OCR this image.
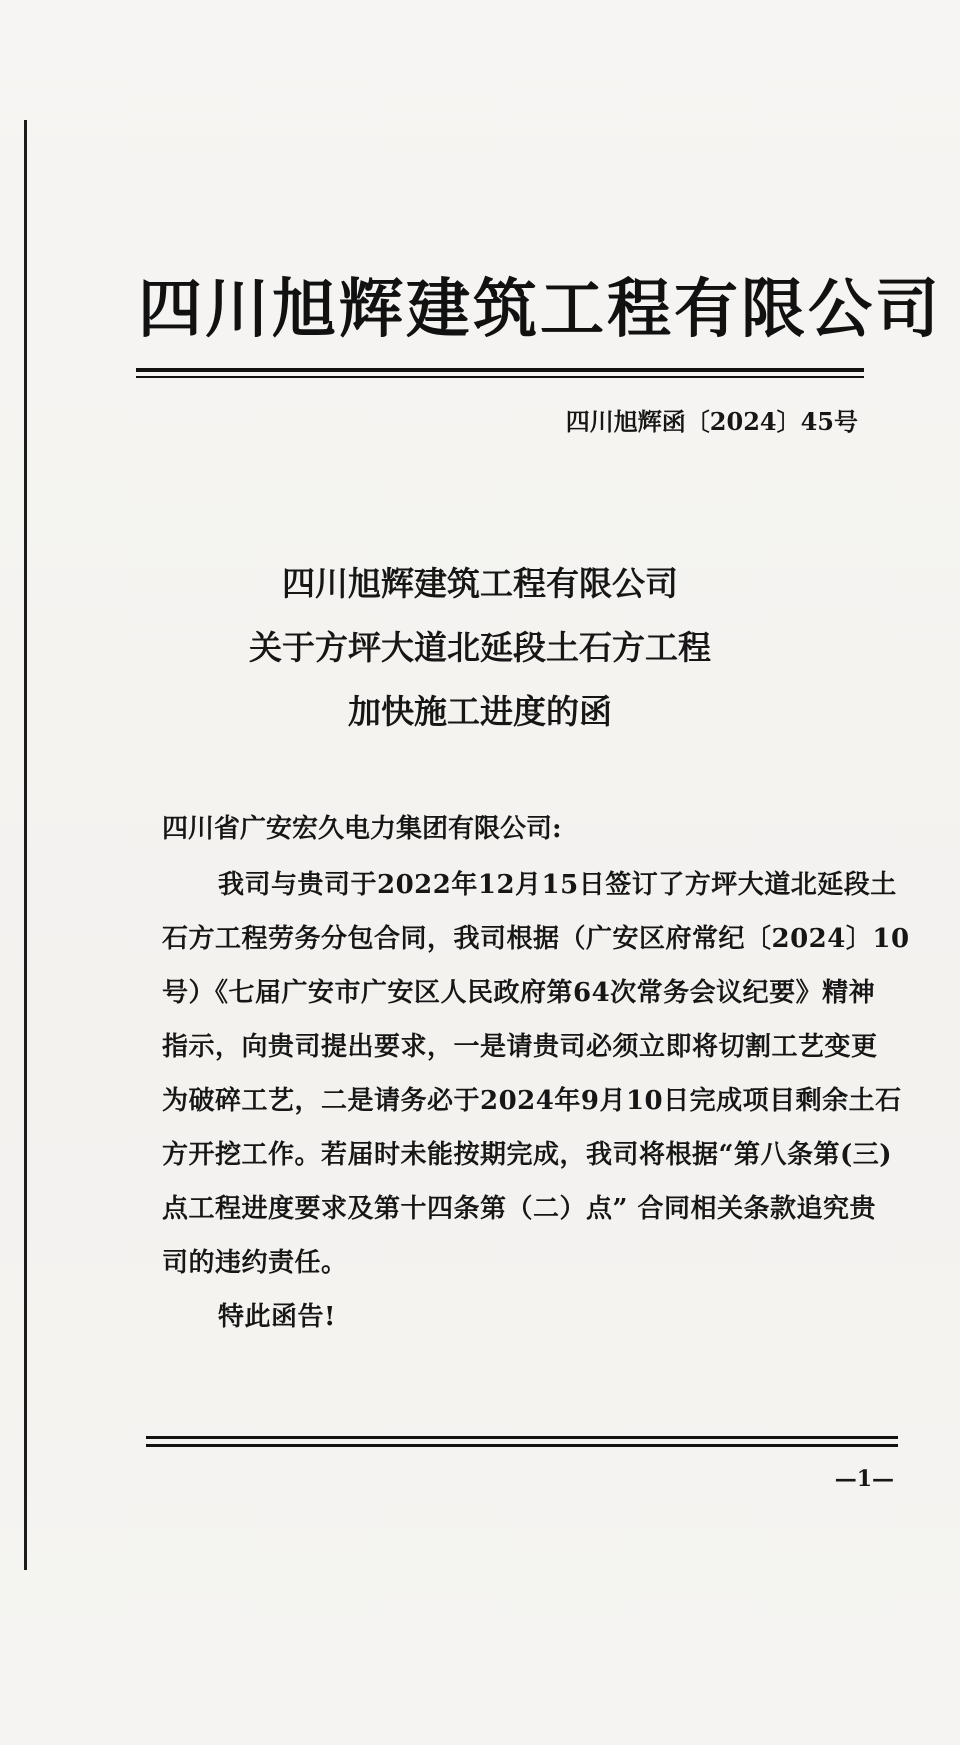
四川旭辉建筑工程有限公司
四川旭辉函〔2024〕45号
四川旭辉建筑工程有限公司
关于方坪大道北延段土石方工程
加快施工进度的函
四川省广安宏久电力集团有限公司:
我司与贵司于2022年12月15日签订了方坪大道北延段土
石方工程劳务分包合同，我司根据（广安区府常纪〔2024〕10
号）《七届广安市广安区人民政府第64次常务会议纪要》精神
指示，向贵司提出要求，一是请贵司必须立即将切割工艺变更
为破碎工艺，二是请务必于2024年9月10日完成项目剩余土石
方开挖工作。若届时未能按期完成，我司将根据“第八条第(三)
点工程进度要求及第十四条第（二）点” 合同相关条款追究贵
司的违约责任。
特此函告!
—1—
